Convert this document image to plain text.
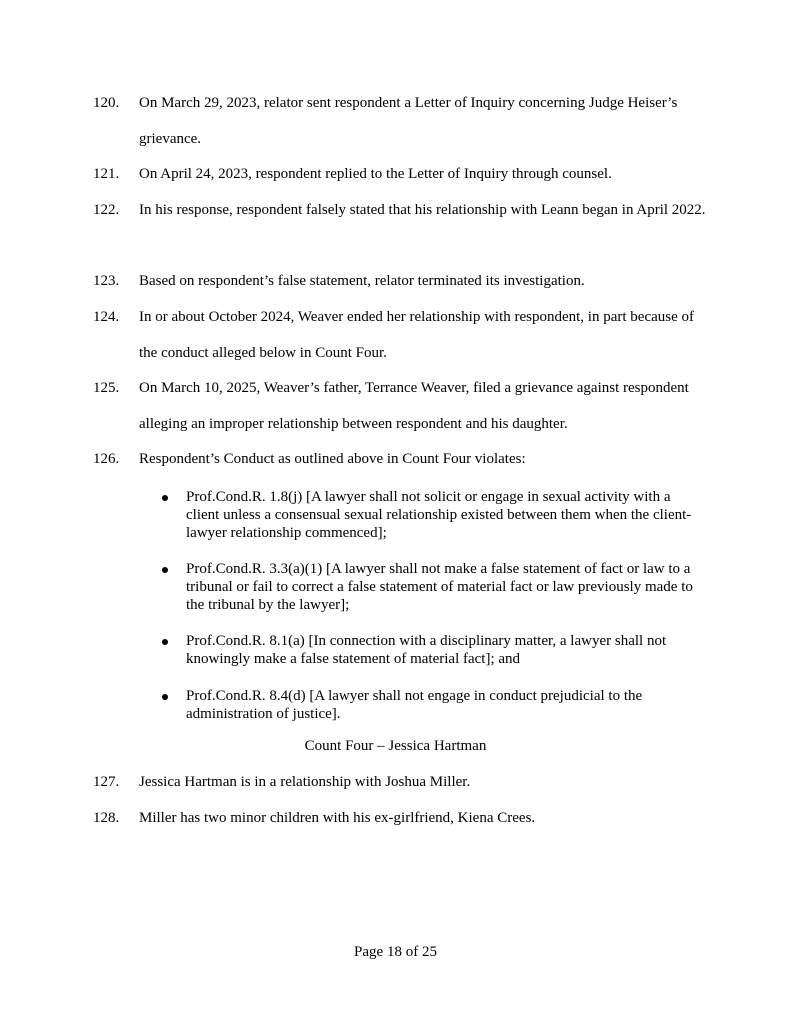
120. On March 29, 2023, relator sent respondent a Letter of Inquiry concerning Judge Heiser’s grievance.
121. On April 24, 2023, respondent replied to the Letter of Inquiry through counsel.
122. In his response, respondent falsely stated that his relationship with Leann began in April 2022.
123. Based on respondent’s false statement, relator terminated its investigation.
124. In or about October 2024, Weaver ended her relationship with respondent, in part because of the conduct alleged below in Count Four.
125. On March 10, 2025, Weaver’s father, Terrance Weaver, filed a grievance against respondent alleging an improper relationship between respondent and his daughter.
126. Respondent’s Conduct as outlined above in Count Four violates:
Prof.Cond.R. 1.8(j) [A lawyer shall not solicit or engage in sexual activity with a client unless a consensual sexual relationship existed between them when the client-lawyer relationship commenced];
Prof.Cond.R. 3.3(a)(1) [A lawyer shall not make a false statement of fact or law to a tribunal or fail to correct a false statement of material fact or law previously made to the tribunal by the lawyer];
Prof.Cond.R. 8.1(a) [In connection with a disciplinary matter, a lawyer shall not knowingly make a false statement of material fact]; and
Prof.Cond.R. 8.4(d) [A lawyer shall not engage in conduct prejudicial to the administration of justice].
Count Four – Jessica Hartman
127. Jessica Hartman is in a relationship with Joshua Miller.
128. Miller has two minor children with his ex-girlfriend, Kiena Crees.
Page 18 of 25
